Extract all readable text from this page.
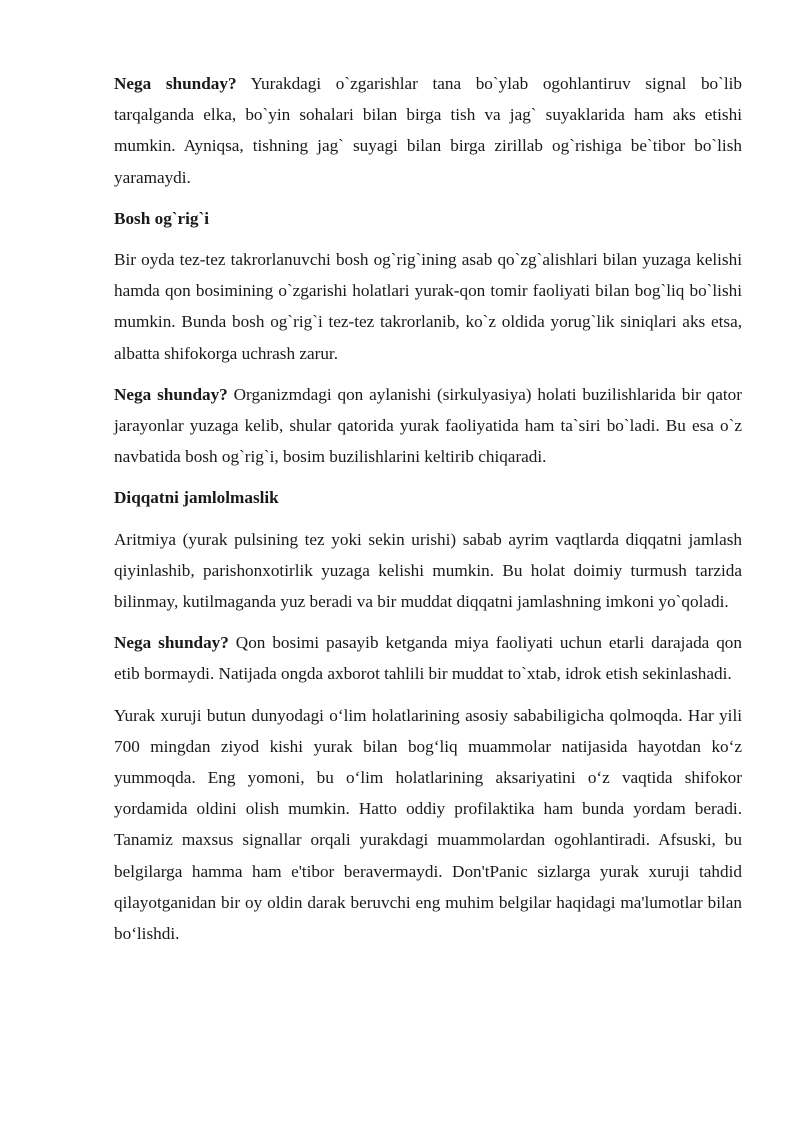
Nega shunday? Yurakdagi o`zgarishlar tana bo`ylab ogohlantiruv signal bo`lib tarqalganda elka, bo`yin sohalari bilan birga tish va jag` suyaklarida ham aks etishi mumkin. Ayniqsa, tishning jag` suyagi bilan birga zirillab og`rishiga be`tibor bo`lish yaramaydi.

Bosh og`rig`i

Bir oyda tez-tez takrorlanuvchi bosh og`rig`ining asab qo`zg`alishlari bilan yuzaga kelishi hamda qon bosimining o`zgarishi holatlari yurak-qon tomir faoliyati bilan bog`liq bo`lishi mumkin. Bunda bosh og`rig`i tez-tez takrorlanib, ko`z oldida yorug`lik siniqlari aks etsa, albatta shifokorga uchrash zarur.

Nega shunday? Organizmdagi qon aylanishi (sirkulyasiya) holati buzilishlarida bir qator jarayonlar yuzaga kelib, shular qatorida yurak faoliyatida ham ta`siri bo`ladi. Bu esa o`z navbatida bosh og`rig`i, bosim buzilishlarini keltirib chiqaradi.

Diqqatni jamlolmaslik

Aritmiya (yurak pulsining tez yoki sekin urishi) sabab ayrim vaqtlarda diqqatni jamlash qiyinlashib, parishonxotirlik yuzaga kelishi mumkin. Bu holat doimiy turmush tarzida bilinmay, kutilmaganda yuz beradi va bir muddat diqqatni jamlashning imkoni yo`qoladi.

Nega shunday? Qon bosimi pasayib ketganda miya faoliyati uchun etarli darajada qon etib bormaydi. Natijada ongda axborot tahlili bir muddat to`xtab, idrok etish sekinlashadi.

Yurak xuruji butun dunyodagi o‘lim holatlarining asosiy sababiligicha qolmoqda. Har yili 700 mingdan ziyod kishi yurak bilan bog‘liq muammolar natijasida hayotdan ko‘z yummoqda. Eng yomoni, bu o‘lim holatlarining aksariyatini o‘z vaqtida shifokor yordamida oldini olish mumkin. Hatto oddiy profilaktika ham bunda yordam beradi. Tanamiz maxsus signallar orqali yurakdagi muammolardan ogohlantiradi. Afsuski, bu belgilarga hamma ham e'tibor beravermaydi. Don'tPanic sizlarga yurak xuruji tahdid qilayotganidan bir oy oldin darak beruvchi eng muhim belgilar haqidagi ma'lumotlar bilan bo‘lishdi.
